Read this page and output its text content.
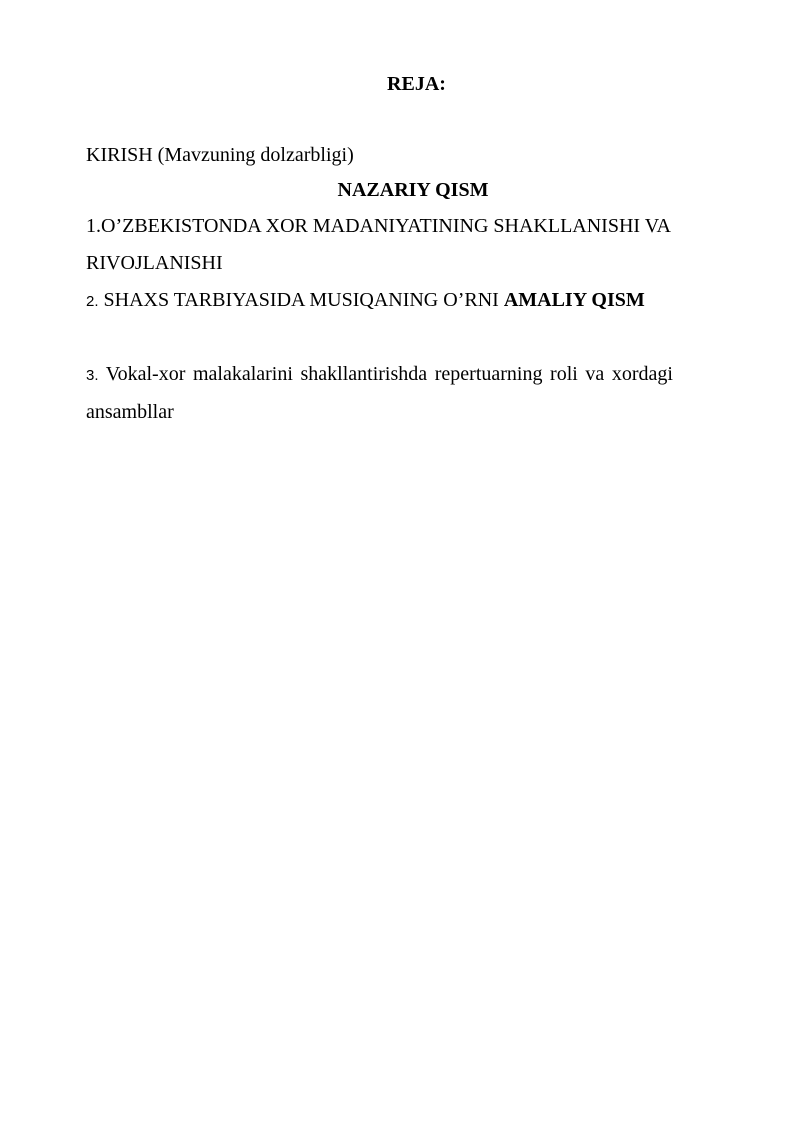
REJA:
KIRISH (Mavzuning dolzarbligi)
NAZARIY QISM
1.O’ZBEKISTONDA XOR MADANIYATINING SHAKLLANISHI VA RIVOJLANISHI
2. SHAXS TARBIYASIDA MUSIQANING O’RNI AMALIY QISM
3. Vokal-xor malakalarini shakllantirishda repertuarning roli va xordagi ansambllar
